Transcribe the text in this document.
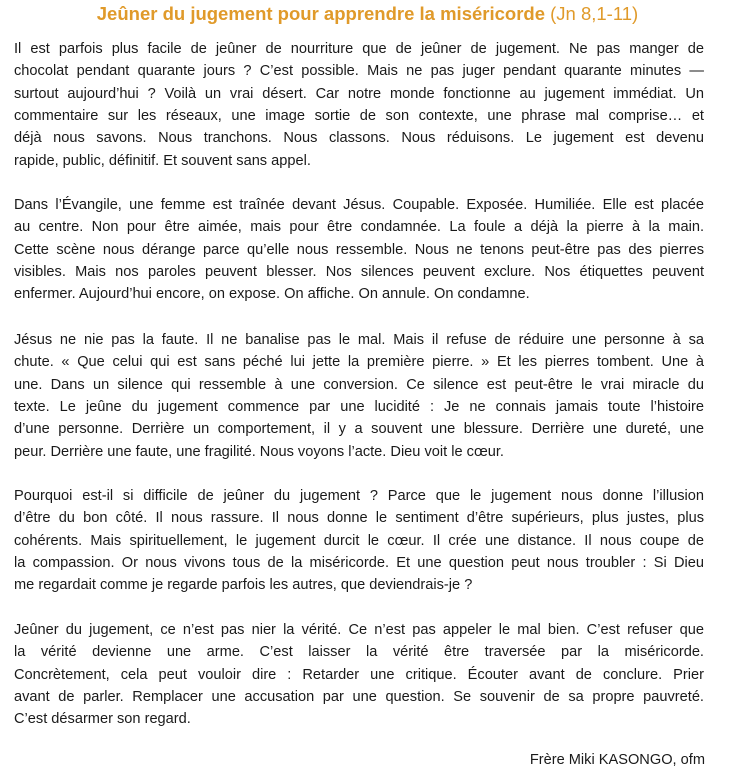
Jeûner du jugement pour apprendre la miséricorde (Jn 8,1-11)
Il est parfois plus facile de jeûner de nourriture que de jeûner de jugement. Ne pas manger de
chocolat pendant quarante jours ? C’est possible. Mais ne pas juger pendant quarante minutes —
surtout aujourd’hui ? Voilà un vrai désert. Car notre monde fonctionne au jugement immédiat. Un
commentaire sur les réseaux, une image sortie de son contexte, une phrase mal comprise… et
déjà nous savons. Nous tranchons. Nous classons. Nous réduisons. Le jugement est devenu
rapide, public, définitif. Et souvent sans appel.
Dans l’Évangile, une femme est traînée devant Jésus. Coupable. Exposée. Humiliée. Elle est placée
au centre. Non pour être aimée, mais pour être condamnée. La foule a déjà la pierre à la main.
Cette scène nous dérange parce qu’elle nous ressemble. Nous ne tenons peut-être pas des pierres
visibles. Mais nos paroles peuvent blesser. Nos silences peuvent exclure. Nos étiquettes peuvent
enfermer. Aujourd’hui encore, on expose. On affiche. On annule. On condamne.
Jésus ne nie pas la faute. Il ne banalise pas le mal. Mais il refuse de réduire une personne à sa
chute. « Que celui qui est sans péché lui jette la première pierre. » Et les pierres tombent. Une à
une. Dans un silence qui ressemble à une conversion. Ce silence est peut-être le vrai miracle du
texte. Le jeûne du jugement commence par une lucidité : Je ne connais jamais toute l’histoire
d’une personne. Derrière un comportement, il y a souvent une blessure. Derrière une dureté, une
peur. Derrière une faute, une fragilité. Nous voyons l’acte. Dieu voit le cœur.
Pourquoi est-il si difficile de jeûner du jugement ? Parce que le jugement nous donne l’illusion
d’être du bon côté. Il nous rassure. Il nous donne le sentiment d’être supérieurs, plus justes, plus
cohérents. Mais spirituellement, le jugement durcit le cœur. Il crée une distance. Il nous coupe de
la compassion. Or nous vivons tous de la miséricorde. Et une question peut nous troubler : Si Dieu
me regardait comme je regarde parfois les autres, que deviendrais-je ?
Jeûner du jugement, ce n’est pas nier la vérité. Ce n’est pas appeler le mal bien. C’est refuser que
la vérité devienne une arme. C’est laisser la vérité être traversée par la miséricorde.
Concrètement, cela peut vouloir dire : Retarder une critique. Écouter avant de conclure. Prier
avant de parler. Remplacer une accusation par une question. Se souvenir de sa propre pauvreté.
C’est désarmer son regard.
Frère Miki KASONGO, ofm
